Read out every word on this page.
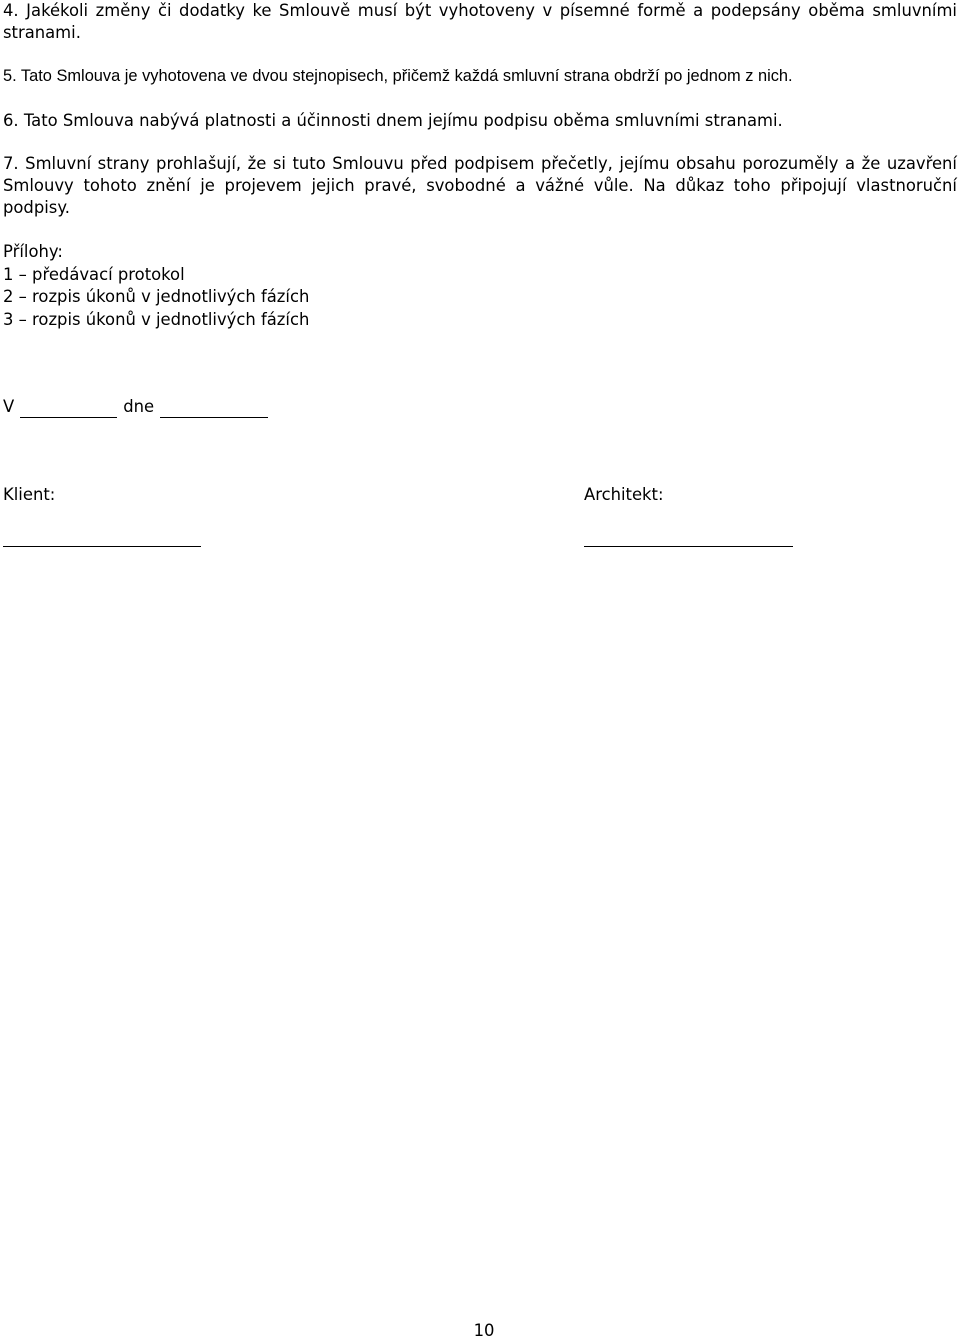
4. Jakékoli změny či dodatky ke Smlouvě musí být vyhotoveny v písemné formě a podepsány oběma smluvními stranami.

5. Tato Smlouva je vyhotovena ve dvou stejnopisech, přičemž každá smluvní strana obdrží po jednom z nich.

6. Tato Smlouva nabývá platnosti a účinnosti dnem jejímu podpisu oběma smluvními stranami.

7. Smluvní strany prohlašují, že si tuto Smlouvu před podpisem přečetly, jejímu obsahu porozuměly a že uzavření Smlouvy tohoto znění je projevem jejich pravé, svobodné a vážné vůle. Na důkaz toho připojují vlastnoruční podpisy.

Přílohy:
1 – předávací protokol
2 – rozpis úkonů v jednotlivých fázích
3 – rozpis úkonů v jednotlivých fázích
V	dne
Klient:	Architekt:
10
